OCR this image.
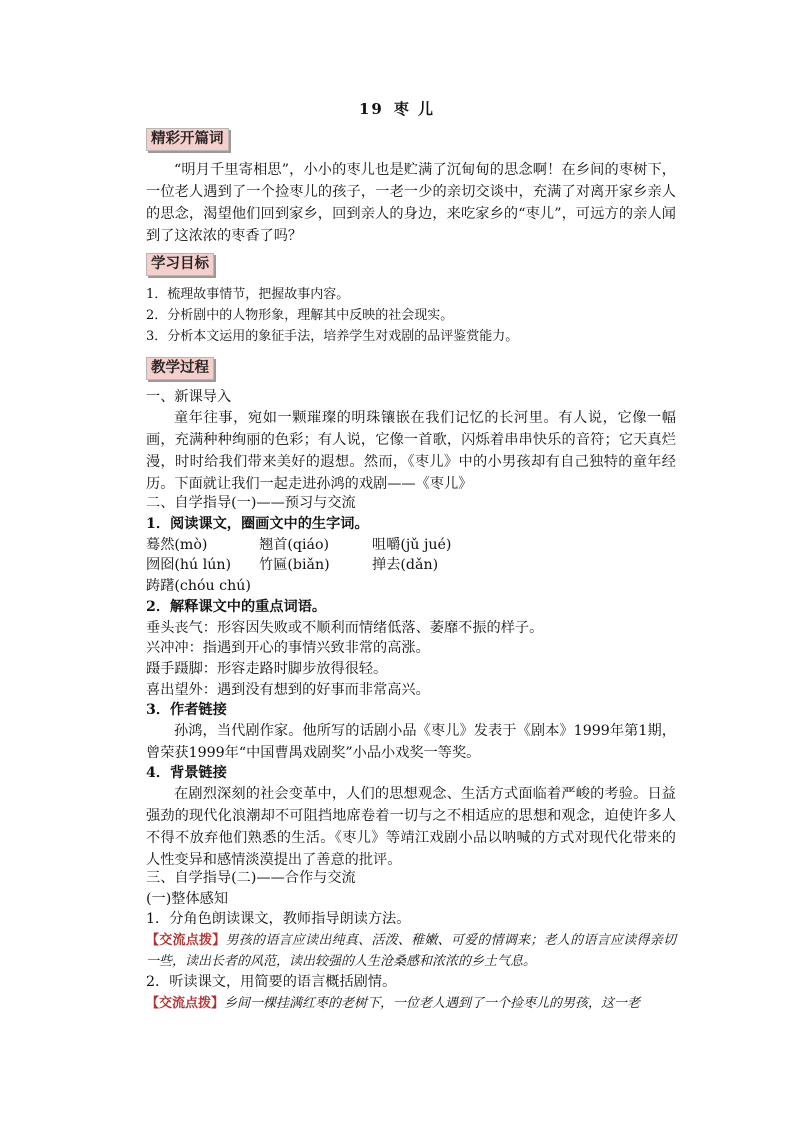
19 枣 儿
精彩开篇词
“明月千里寄相思”，小小的枣儿也是贮满了沉甸甸的思念啊！在乡间的枣树下，一位老人遇到了一个捡枣儿的孩子，一老一少的亲切交谈中，充满了对离开家乡亲人的思念，渴望他们回到家乡，回到亲人的身边，来吃家乡的“枣儿”，可远方的亲人闻到了这浓浓的枣香了吗？
学习目标
1．梳理故事情节，把握故事内容。
2．分析剧中的人物形象，理解其中反映的社会现实。
3．分析本文运用的象征手法，培养学生对戏剧的品评鉴赏能力。
教学过程
一、新课导入
童年往事，宛如一颗璀璨的明珠镶嵌在我们记忆的长河里。有人说，它像一幅画，充满种种绚丽的色彩；有人说，它像一首歌，闪烁着串串快乐的音符；它天真烂漫，时时给我们带来美好的遐想。然而，《枣儿》中的小男孩却有自己独特的童年经历。下面就让我们一起走进孙鸿的戏剧——《枣儿》
二、自学指导(一)——预习与交流
1．阅读课文，圈画文中的生字词。
蓦然(mò)	翘首(qiáo)	咀嚼(jǔ jué)
囫囵(hú lún) 竹匾(biǎn)	掸去(dǎn)
踌躇(chóu chú)
2．解释课文中的重点词语。
垂头丧气：形容因失败或不顺利而情绪低落、萎靡不振的样子。
兴冲冲：指遇到开心的事情兴致非常的高涨。
蹑手蹑脚：形容走路时脚步放得很轻。
喜出望外：遇到没有想到的好事而非常高兴。
3．作者链接
孙鸿，当代剧作家。他所写的话剧小品《枣儿》发表于《剧本》1999年第1期，曾荣获1999年“中国曹禺戏剧奖”小品小戏奖一等奖。
4．背景链接
在剧烈深刻的社会变革中，人们的思想观念、生活方式面临着严峻的考验。日益强劲的现代化浪潮却不可阻挡地席卷着一切与之不相适应的思想和观念，迫使许多人不得不放弃他们熟悉的生活。《枣儿》等靖江戏剧小品以呐喊的方式对现代化带来的人性变异和感情淡漠提出了善意的批评。
三、自学指导(二)——合作与交流
(一)整体感知
1．分角色朗读课文，教师指导朗读方法。
【交流点拨】男孩的语言应读出纯真、活泼、稚嫩、可爱的情调来；老人的语言应读得亲切一些，读出长者的风范，读出较强的人生沧桑感和浓浓的乡土气息。
2．听读课文，用简要的语言概括剧情。
【交流点拨】乡间一棵挂满红枣的老树下，一位老人遇到了一个捡枣儿的男孩，这一老
